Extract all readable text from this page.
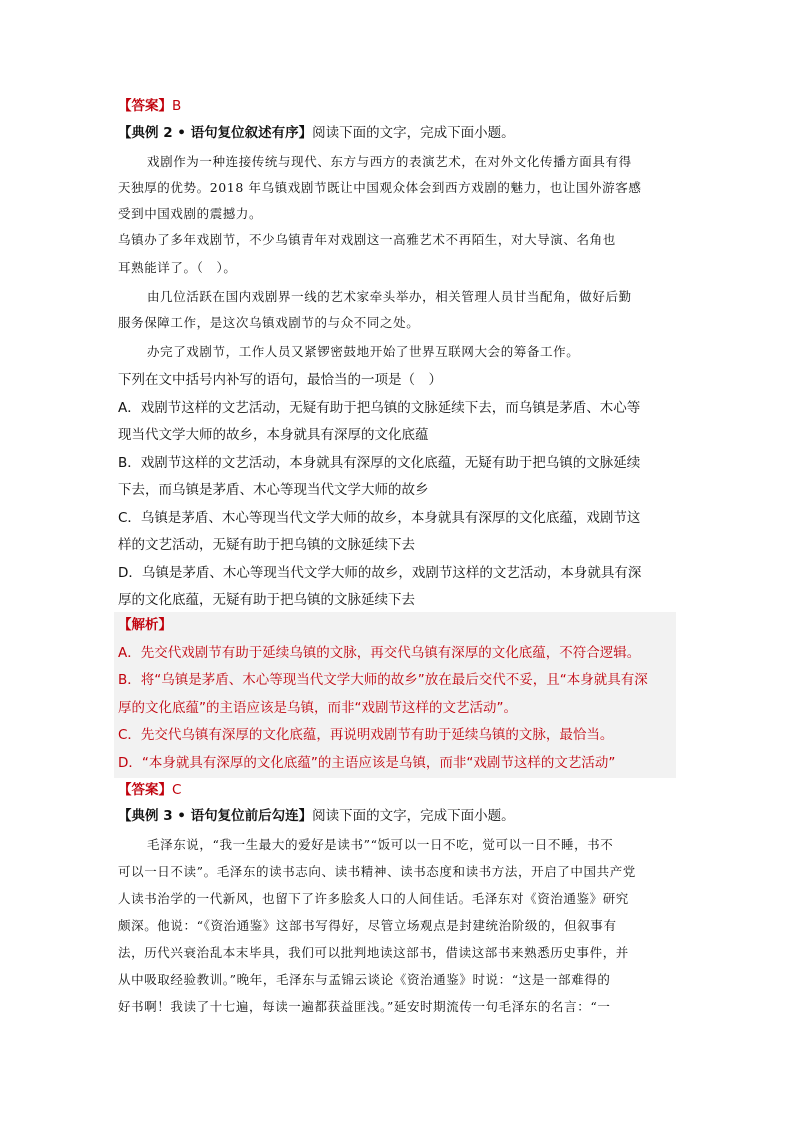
【答案】B
【典例 2 • 语句复位叙述有序】阅读下面的文字，完成下面小题。
戏剧作为一种连接传统与现代、东方与西方的表演艺术，在对外文化传播方面具有得
天独厚的优势。2018 年乌镇戏剧节既让中国观众体会到西方戏剧的魅力，也让国外游客感
受到中国戏剧的震撼力。
乌镇办了多年戏剧节，不少乌镇青年对戏剧这一高雅艺术不再陌生，对大导演、名角也
耳熟能详了。（　）。
由几位活跃在国内戏剧界一线的艺术家牵头举办，相关管理人员甘当配角，做好后勤
服务保障工作，是这次乌镇戏剧节的与众不同之处。
办完了戏剧节，工作人员又紧锣密鼓地开始了世界互联网大会的筹备工作。
下列在文中括号内补写的语句，最恰当的一项是（　）
A．戏剧节这样的文艺活动，无疑有助于把乌镇的文脉延续下去，而乌镇是茅盾、木心等
现当代文学大师的故乡，本身就具有深厚的文化底蕴
B．戏剧节这样的文艺活动，本身就具有深厚的文化底蕴，无疑有助于把乌镇的文脉延续
下去，而乌镇是茅盾、木心等现当代文学大师的故乡
C．乌镇是茅盾、木心等现当代文学大师的故乡，本身就具有深厚的文化底蕴，戏剧节这
样的文艺活动，无疑有助于把乌镇的文脉延续下去
D．乌镇是茅盾、木心等现当代文学大师的故乡，戏剧节这样的文艺活动，本身就具有深
厚的文化底蕴，无疑有助于把乌镇的文脉延续下去
【解析】
A．先交代戏剧节有助于延续乌镇的文脉，再交代乌镇有深厚的文化底蕴，不符合逻辑。
B．将“乌镇是茅盾、木心等现当代文学大师的故乡”放在最后交代不妥，且“本身就具有深
厚的文化底蕴”的主语应该是乌镇，而非“戏剧节这样的文艺活动”。
C．先交代乌镇有深厚的文化底蕴，再说明戏剧节有助于延续乌镇的文脉，最恰当。
D．“本身就具有深厚的文化底蕴”的主语应该是乌镇，而非“戏剧节这样的文艺活动”
【答案】C
【典例 3 • 语句复位前后勾连】阅读下面的文字，完成下面小题。
毛泽东说，“我一生最大的爱好是读书”“饭可以一日不吃，觉可以一日不睡，书不
可以一日不读”。毛泽东的读书志向、读书精神、读书态度和读书方法，开启了中国共产党
人读书治学的一代新风，也留下了许多脍炙人口的人间佳话。毛泽东对《资治通鉴》研究
颇深。他说：“《资治通鉴》这部书写得好，尽管立场观点是封建统治阶级的，但叙事有
法，历代兴衰治乱本末毕具，我们可以批判地读这部书，借读这部书来熟悉历史事件，并
从中吸取经验教训。”晚年，毛泽东与孟锦云谈论《资治通鉴》时说：“这是一部难得的
好书啊！我读了十七遍，每读一遍都获益匪浅。”延安时期流传一句毛泽东的名言：“一
